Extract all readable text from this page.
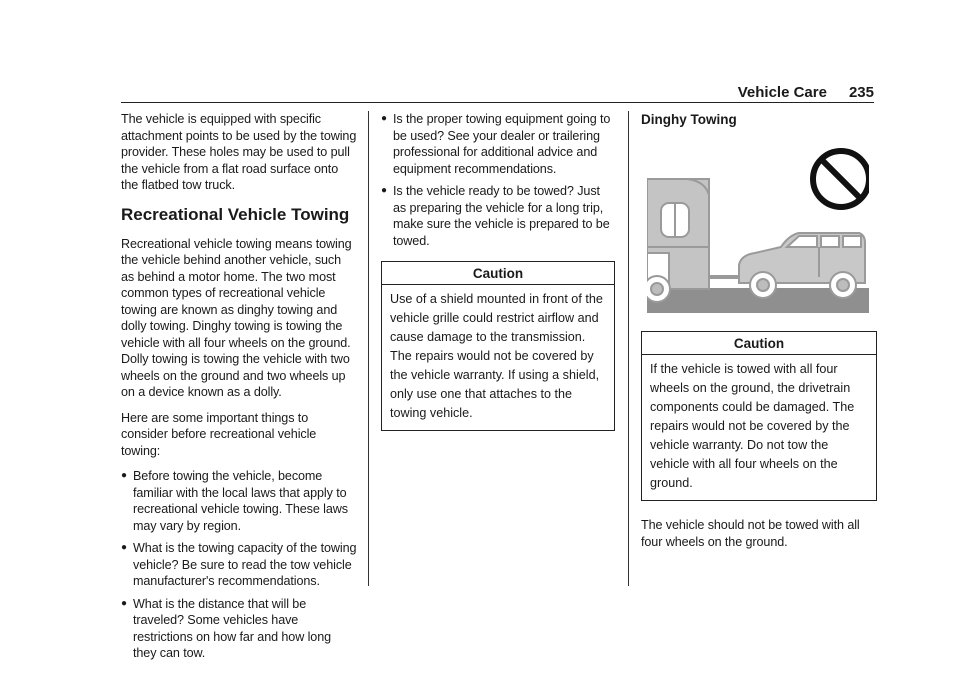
Vehicle Care 235

The vehicle is equipped with specific attachment points to be used by the towing provider. These holes may be used to pull the vehicle from a flat road surface onto the flatbed tow truck.

Recreational Vehicle Towing

Recreational vehicle towing means towing the vehicle behind another vehicle, such as behind a motor home. The two most common types of recreational vehicle towing are known as dinghy towing and dolly towing. Dinghy towing is towing the vehicle with all four wheels on the ground. Dolly towing is towing the vehicle with two wheels on the ground and two wheels up on a device known as a dolly.

Here are some important things to consider before recreational vehicle towing:

● Before towing the vehicle, become familiar with the local laws that apply to recreational vehicle towing. These laws may vary by region.
● What is the towing capacity of the towing vehicle? Be sure to read the tow vehicle manufacturer's recommendations.
● What is the distance that will be traveled? Some vehicles have restrictions on how far and how long they can tow.
● Is the proper towing equipment going to be used? See your dealer or trailering professional for additional advice and equipment recommendations.
● Is the vehicle ready to be towed? Just as preparing the vehicle for a long trip, make sure the vehicle is prepared to be towed.
Caution
Use of a shield mounted in front of the vehicle grille could restrict airflow and cause damage to the transmission. The repairs would not be covered by the vehicle warranty. If using a shield, only use one that attaches to the towing vehicle.
Dinghy Towing
Caution
If the vehicle is towed with all four wheels on the ground, the drivetrain components could be damaged. The repairs would not be covered by the vehicle warranty. Do not tow the vehicle with all four wheels on the ground.

The vehicle should not be towed with all four wheels on the ground.
